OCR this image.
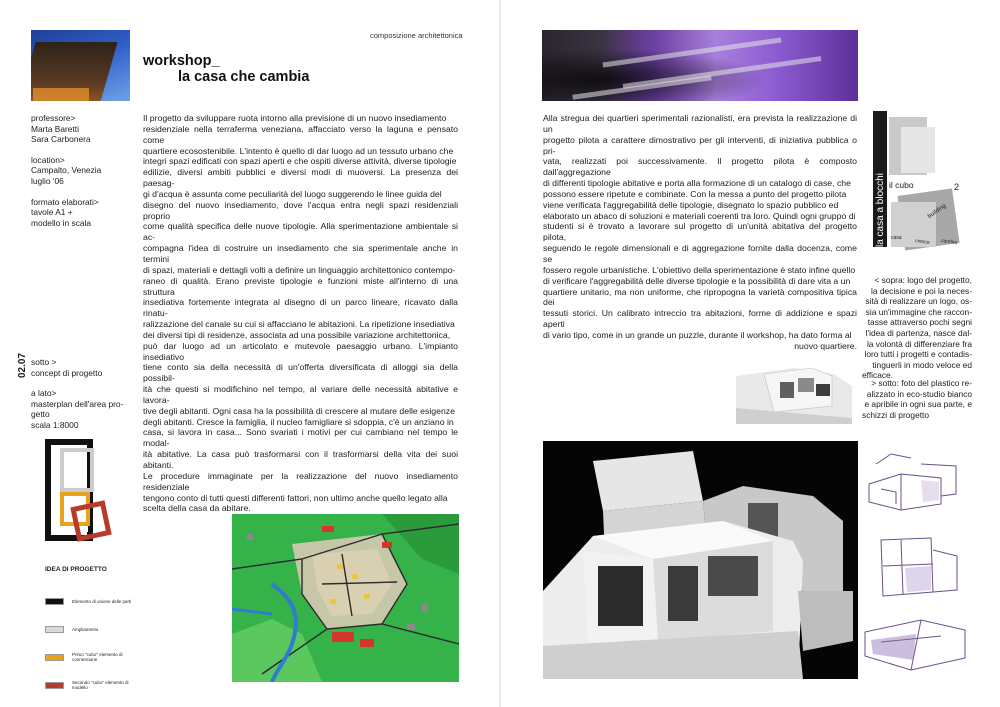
workshop_
la casa che cambia
professore>
Marta Baretti
Sara Carbonera
location>
Campalto, Venezia
luglio '06
formato elaborati>
tavole A1 +
modello in scala
Il progetto da sviluppare ruota intorno alla previsione di un nuovo insediamento
residenziale nella terraferma veneziana, affacciato verso la laguna e pensato come
quartiere ecosostenibile. L'intento è quello di dar luogo ad un tessuto urbano che
integri spazi edificati con spazi aperti e che ospiti diverse attività, diverse tipologie
edilizie, diversi ambiti pubblici e diversi modi di muoversi. La presenza dei paesag-
gi d'acqua è assunta come peculiarità del luogo suggerendo le linee guida del
disegno del nuovo insediamento, dove l'acqua entra negli spazi residenziali proprio
come qualità specifica delle nuove tipologie. Alla sperimentazione ambientale si ac-
compagna l'idea di costruire un insediamento che sia sperimentale anche in termini
di spazi, materiali e dettagli volti a definire un linguaggio architettonico contempo-
raneo di qualità. Erano previste tipologie e funzioni miste all'interno di una struttura
insediativa fortemente integrata al disegno di un parco lineare, ricavato dalla rinatu-
ralizzazione del canale su cui si affacciano le abitazioni. La ripetizione insediativa
dei diversi tipi di residenze, associata ad una possibile variazione architettonica,
può dar luogo ad un articolato e mutevole paesaggio urbano. L'impianto insediativo
tiene conto sia della necessità di un'offerta diversificata di alloggi sia della possibil-
ità che questi si modifichino nel tempo, al variare delle necessità abitative e lavora-
tive degli abitanti. Ogni casa ha la possibilità di crescere al mutare delle esigenze
degli abitanti. Cresce la famiglia, il nucleo famigliare si sdoppia, c'è un anziano in
casa, si lavora in casa... Sono svariati i motivi per cui cambiano nel tempo le modal-
ità abitative. La casa può trasformarsi con il trasformarsi della vita dei suoi abitanti.
Le procedure immaginate per la realizzazione del nuovo insediamento residenziale
tengono conto di tutti questi differenti fattori, non ultimo anche quello legato alla
scelta della casa da abitare.
02.07 sotto >
concept di progetto
a lato>
masterplan dell'area pro-
getto
scala 1:8000
IDEA DI PROGETTO
Elemento di unione delle parti
Ampliamento
Primo "cubo" elemento di connessione
Secondo "cubo" elemento di modello
composizione architettonica
Alla stregua dei quartieri sperimentali razionalisti, era prevista la realizzazione di un
progetto pilota a carattere dimostrativo per gli interventi, di iniziativa pubblica o pri-
vata, realizzati poi successivamente. Il progetto pilota è composto dall'aggregazione
di differenti tipologie abitative e porta alla formazione di un catalogo di case, che
possono essere ripetute e combinate. Con la messa a punto del progetto pilota
viene verificata l'aggregabilità delle tipologie, disegnato lo spazio pubblico ed
elaborato un abaco di soluzioni e materiali coerenti tra loro. Quindi ogni gruppo di
studenti si è trovato a lavorare sul progetto di un'unità abitativa del progetto pilota,
seguendo le regole dimensionali e di aggregazione fornite dalla docenza, come se
fossero regole urbanistiche. L'obiettivo della sperimentazione è stato infine quello
di verificare l'aggregabilità delle diverse tipologie e la possibilità di dare vita a un
quartiere unitario, ma non uniforme, che ripropogna la varietà compositiva tipica dei
tessuti storici. Un calibrato intreccio tra abitazioni, forme di addizione e spazi aperti
di vario tipo, come in un grande un puzzle, durante il workshop, ha dato forma al
nuovo quartiere.
la casa a blocchi il cubo
building
2
casa
cresce cambia
< sopra: logo del progetto,
la decisione e poi la neces-
sità di realizzare un logo, os-
sia un'immagine che raccon-
tasse attraverso pochi segni
l'idea di partenza, nasce dal-
la volontà di differenziare fra
loro tutti i progetti e contadis-
tinguerli in modo veloce ed
efficace.
> sotto: foto del plastico re-
alizzato in eco-studio bianco
e apribile in ogni sua parte, e
schizzi di progetto
